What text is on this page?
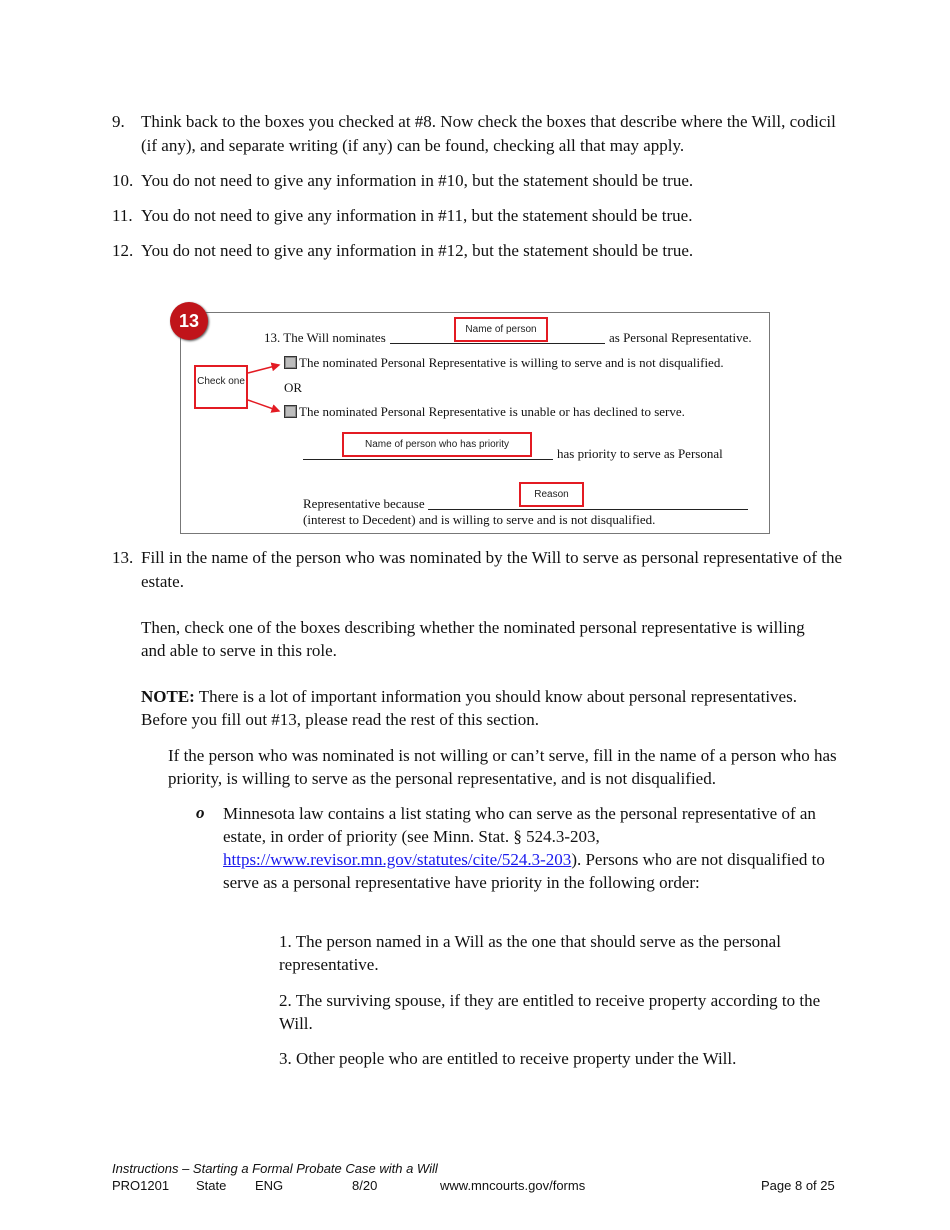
9. Think back to the boxes you checked at #8. Now check the boxes that describe where the Will, codicil (if any), and separate writing (if any) can be found, checking all that may apply.
10. You do not need to give any information in #10, but the statement should be true.
11. You do not need to give any information in #11, but the statement should be true.
12. You do not need to give any information in #12, but the statement should be true.
13
13. The Will nominates
Name of person
as Personal Representative.
Check one
The nominated Personal Representative is willing to serve and is not disqualified.
OR
The nominated Personal Representative is unable or has declined to serve.
Name of person who has priority
has priority to serve as Personal
Representative because
Reason
(interest to Decedent) and is willing to serve and is not disqualified.
13. Fill in the name of the person who was nominated by the Will to serve as personal representative of the estate.
Then, check one of the boxes describing whether the nominated personal representative is willing and able to serve in this role.
NOTE: There is a lot of important information you should know about personal representatives. Before you fill out #13, please read the rest of this section.
If the person who was nominated is not willing or can’t serve, fill in the name of a person who has priority, is willing to serve as the personal representative, and is not disqualified.
o Minnesota law contains a list stating who can serve as the personal representative of an estate, in order of priority (see Minn. Stat. § 524.3-203, https://www.revisor.mn.gov/statutes/cite/524.3-203). Persons who are not disqualified to serve as a personal representative have priority in the following order:
1. The person named in a Will as the one that should serve as the personal representative.
2. The surviving spouse, if they are entitled to receive property according to the Will.
3. Other people who are entitled to receive property under the Will.
Instructions – Starting a Formal Probate Case with a Will
PRO1201 State ENG	8/20	www.mncourts.gov/forms	Page 8 of 25
